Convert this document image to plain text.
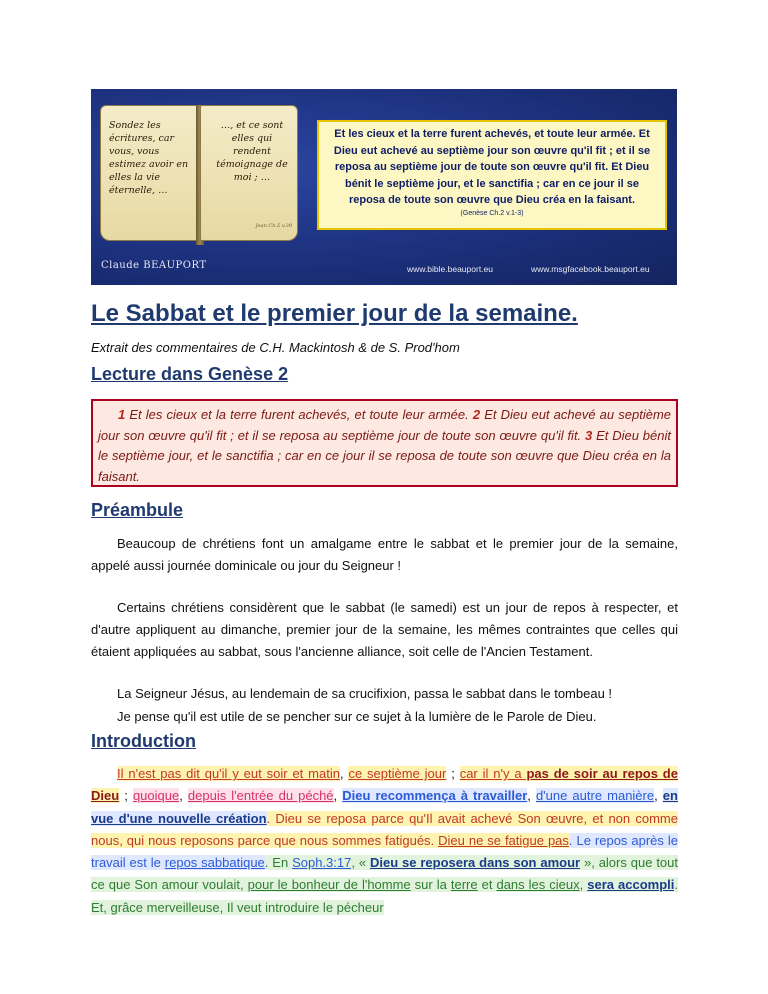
Sondez les écritures, car vous, vous estimez avoir en elles la vie éternelle, …
…, et ce sont elles qui rendent témoignage de moi ; …
Jean Ch.5 v.39
Et les cieux et la terre furent achevés, et toute leur armée. Et Dieu eut achevé au septième jour son œuvre qu'il fit ; et il se reposa au septième jour de toute son œuvre qu'il fit. Et Dieu bénit le septième jour, et le sanctifia ; car en ce jour il se reposa de toute son œuvre que Dieu créa en la faisant.
(Genèse Ch.2 v.1-3)
Claude BEAUPORT	www.bible.beauport.eu	www.msgfacebook.beauport.eu
Le Sabbat et le premier jour de la semaine.
Extrait des commentaires de C.H. Mackintosh & de S. Prod'hom
Lecture dans Genèse 2
1 Et les cieux et la terre furent achevés, et toute leur armée. 2 Et Dieu eut achevé au septième jour son œuvre qu'il fit ; et il se reposa au septième jour de toute son œuvre qu'il fit. 3 Et Dieu bénit le septième jour, et le sanctifia ; car en ce jour il se reposa de toute son œuvre que Dieu créa en la faisant.
Préambule

Beaucoup de chrétiens font un amalgame entre le sabbat et le premier jour de la semaine, appelé aussi journée dominicale ou jour du Seigneur !

Certains chrétiens considèrent que le sabbat (le samedi) est un jour de repos à respecter, et d'autre appliquent au dimanche, premier jour de la semaine, les mêmes contraintes que celles qui étaient appliquées au sabbat, sous l'ancienne alliance, soit celle de l'Ancien Testament.

La Seigneur Jésus, au lendemain de sa crucifixion, passa le sabbat dans le tombeau !

Je pense qu'il est utile de se pencher sur ce sujet à la lumière de le Parole de Dieu.

Introduction

Il n'est pas dit qu'il y eut soir et matin, ce septième jour ; car il n'y a pas de soir au repos de Dieu ; quoique, depuis l'entrée du péché, Dieu recommença à travailler, d'une autre manière, en vue d'une nouvelle création. Dieu se reposa parce qu'Il avait achevé Son œuvre, et non comme nous, qui nous reposons parce que nous sommes fatigués. Dieu ne se fatigue pas. Le repos après le travail est le repos sabbatique. En Soph.3:17, « Dieu se reposera dans son amour », alors que tout ce que Son amour voulait, pour le bonheur de l'homme sur la terre et dans les cieux, sera accompli. Et, grâce merveilleuse, Il veut introduire le pécheur
